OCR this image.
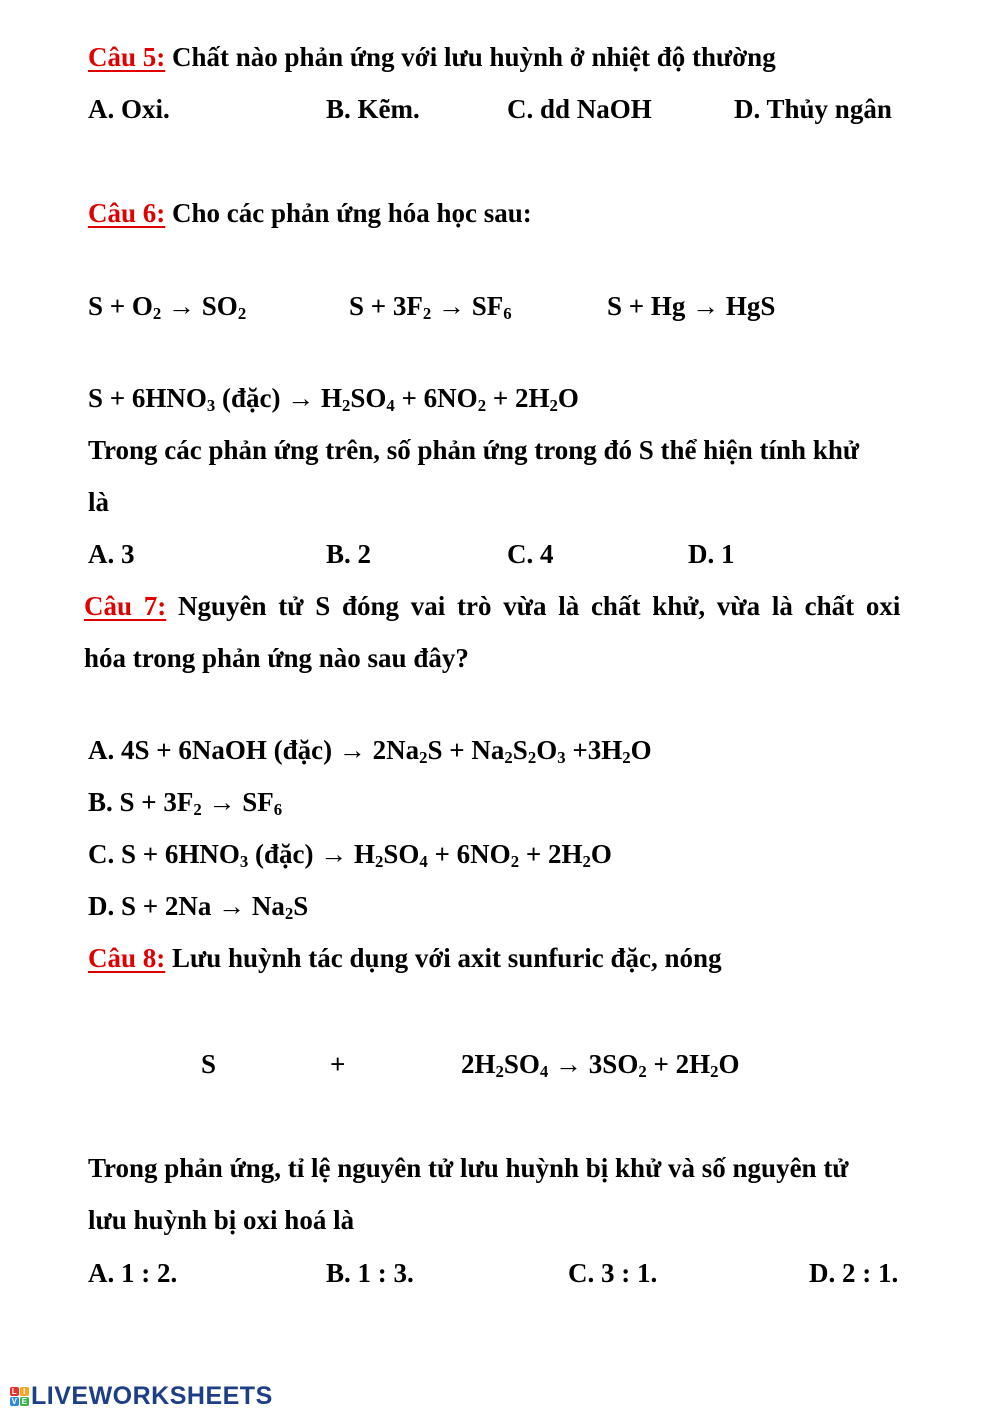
Câu 5: Chất nào phản ứng với lưu huỳnh ở nhiệt độ thường
A. Oxi.	B. Kẽm.	C. dd NaOH	D. Thủy ngân
Câu 6: Cho các phản ứng hóa học sau:
$S + O_2 \to SO_2$	$S + 3F_2 \to SF_6$	S + Hg → HgS
$S + 6HNO_3$ (đặc) → $H_2SO_4 + 6NO_2 + 2H_2O$
Trong các phản ứng trên, số phản ứng trong đó S thể hiện tính khử
là
A. 3	B. 2	C. 4	D. 1
Câu 7: Nguyên tử S đóng vai trò vừa là chất khử, vừa là chất oxi
hóa trong phản ứng nào sau đây?
A. 4S + 6NaOH (đặc) → $2Na_2S + Na_2S_2O_3 +3H_2O$
B. $S + 3F_2 \to SF_6$
C. $S + 6HNO_3$ (đặc) → $H_2SO_4 + 6NO_2 + 2H_2O$
D. $S + 2Na \to Na_2S$
Câu 8: Lưu huỳnh tác dụng với axit sunfuric đặc, nóng
S	+	$2H_2SO_4 \to 3SO_2 + 2H_2O$
Trong phản ứng, tỉ lệ nguyên tử lưu huỳnh bị khử và số nguyên tử
lưu huỳnh bị oxi hoá là
A. 1 : 2.	B. 1 : 3.	C. 3 : 1.	D. 2 : 1.
L I
V E LIVEWORKSHEETS
